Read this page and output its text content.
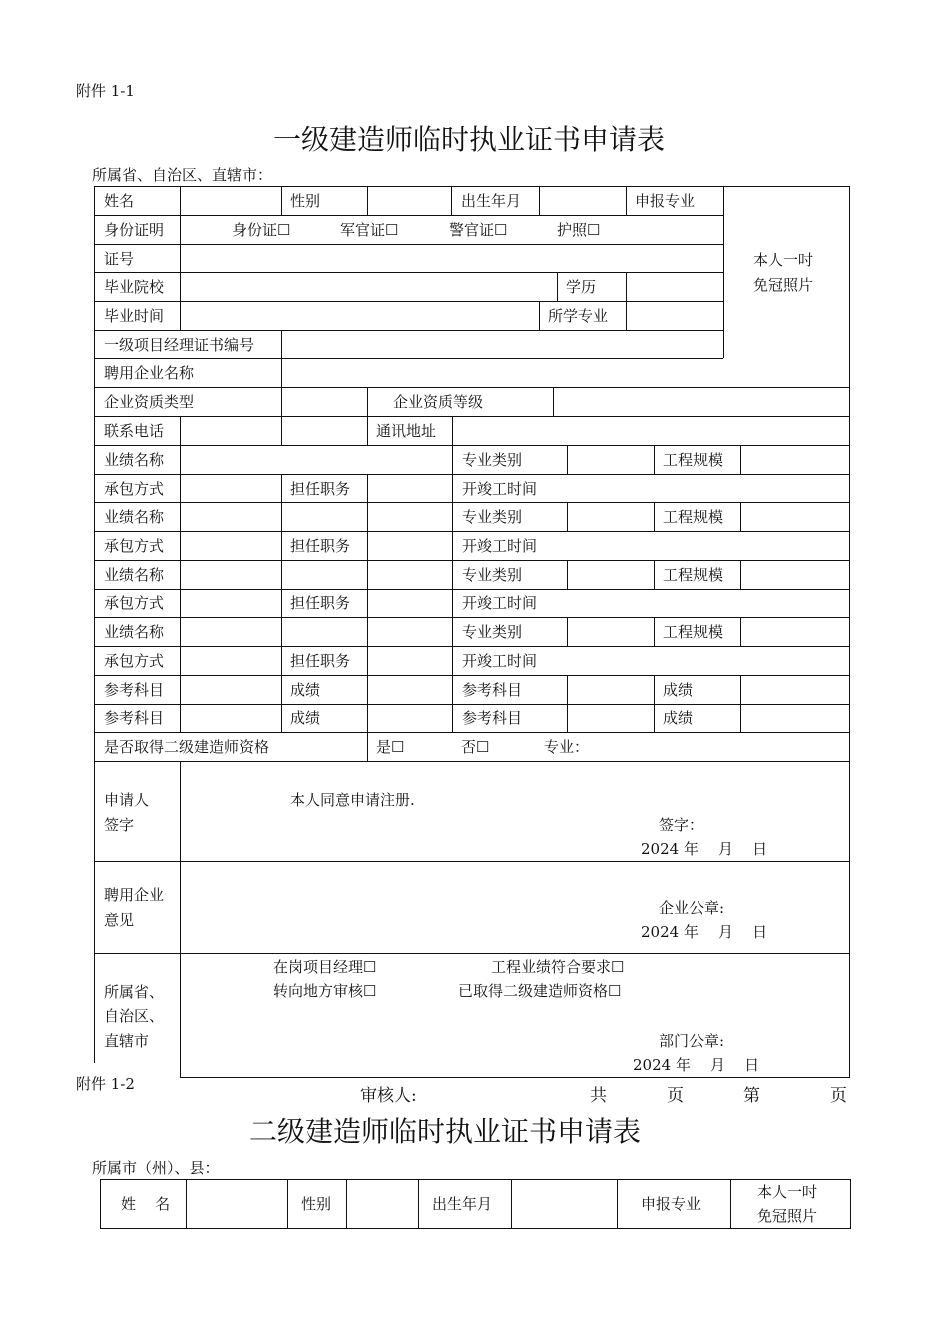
附件 1-1
一级建造师临时执业证书申请表
所属省、自治区、直辖市：
姓名	性别	出生年月	申报专业
本人一吋
免冠照片
身份证明	身份证☐	军官证☐	警官证☐	护照☐
证号
毕业院校	学历
毕业时间	所学专业
一级项目经理证书编号
聘用企业名称
企业资质类型	企业资质等级
联系电话	通讯地址
业绩名称	专业类别	工程规模
承包方式	担任职务	开竣工时间
业绩名称	专业类别	工程规模
承包方式	担任职务	开竣工时间
业绩名称	专业类别	工程规模
承包方式	担任职务	开竣工时间
业绩名称	专业类别	工程规模
承包方式	担任职务	开竣工时间
参考科目	成绩	参考科目	成绩
参考科目	成绩	参考科目	成绩
是否取得二级建造师资格	是☐	否☐	专业：
申请人
签字
本人同意申请注册.
签字：
2024 年    月    日
聘用企业
意见
企业公章:
2024 年    月    日
所属省、
自治区、
直辖市
在岗项目经理☐	工程业绩符合要求☐
转向地方审核☐	已取得二级建造师资格☐
部门公章:
2024 年    月    日
附件 1-2
审核人:	共	页	第	页
二级建造师临时执业证书申请表
所属市（州）、县：
姓    名	性别	出生年月	申报专业
本人一吋
免冠照片
